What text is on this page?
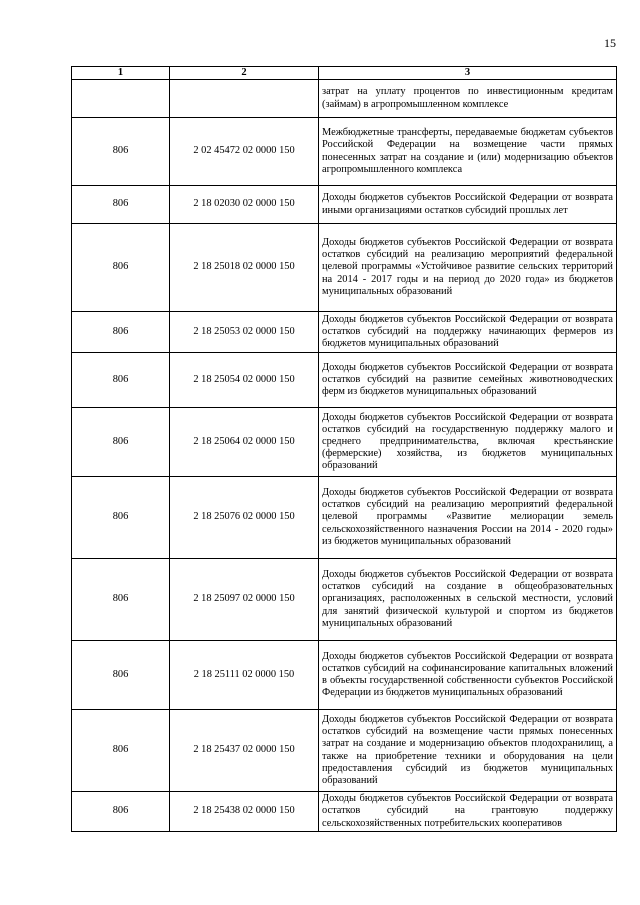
15
1	2	3

		затрат на уплату процентов по инвестиционным кредитам (займам) в агропромышленном комплексе

806	2 02 45472 02 0000 150	Межбюджетные трансферты, передаваемые бюджетам субъектов Российской Федерации на возмещение части прямых понесенных затрат на создание и (или) модернизацию объектов агропромышленного комплекса

806	2 18 02030 02 0000 150	Доходы бюджетов субъектов Российской Федерации от возврата иными организациями остатков субсидий прошлых лет

806	2 18 25018 02 0000 150	Доходы бюджетов субъектов Российской Федерации от возврата остатков субсидий на реализацию мероприятий федеральной целевой программы «Устойчивое развитие сельских территорий на 2014 - 2017 годы и на период до 2020 года» из бюджетов муниципальных образований

806	2 18 25053 02 0000 150	Доходы бюджетов субъектов Российской Федерации от возврата остатков субсидий на поддержку начинающих фермеров из бюджетов муниципальных образований

806	2 18 25054 02 0000 150	Доходы бюджетов субъектов Российской Федерации от возврата остатков субсидий на развитие семейных животноводческих ферм из бюджетов муниципальных образований

806	2 18 25064 02 0000 150	Доходы бюджетов субъектов Российской Федерации от возврата остатков субсидий на государственную поддержку малого и среднего предпринимательства, включая крестьянские (фермерские) хозяйства, из бюджетов муниципальных образований

806	2 18 25076 02 0000 150	Доходы бюджетов субъектов Российской Федерации от возврата остатков субсидий на реализацию мероприятий федеральной целевой программы «Развитие мелиорации земель сельскохозяйственного назначения России на 2014 - 2020 годы» из бюджетов муниципальных образований

806	2 18 25097 02 0000 150	Доходы бюджетов субъектов Российской Федерации от возврата остатков субсидий на создание в общеобразовательных организациях, расположенных в сельской местности, условий для занятий физической культурой и спортом из бюджетов муниципальных образований

806	2 18 25111 02 0000 150	Доходы бюджетов субъектов Российской Федерации от возврата остатков субсидий на софинансирование капитальных вложений в объекты государственной собственности субъектов Российской Федерации из бюджетов муниципальных образований

806	2 18 25437 02 0000 150	Доходы бюджетов субъектов Российской Федерации от возврата остатков субсидий на возмещение части прямых понесенных затрат на создание и модернизацию объектов плодохранилищ, а также на приобретение техники и оборудования на цели предоставления субсидий из бюджетов муниципальных образований

806	2 18 25438 02 0000 150	Доходы бюджетов субъектов Российской Федерации от возврата остатков субсидий на грантовую поддержку сельскохозяйственных потребительских кооперативов
